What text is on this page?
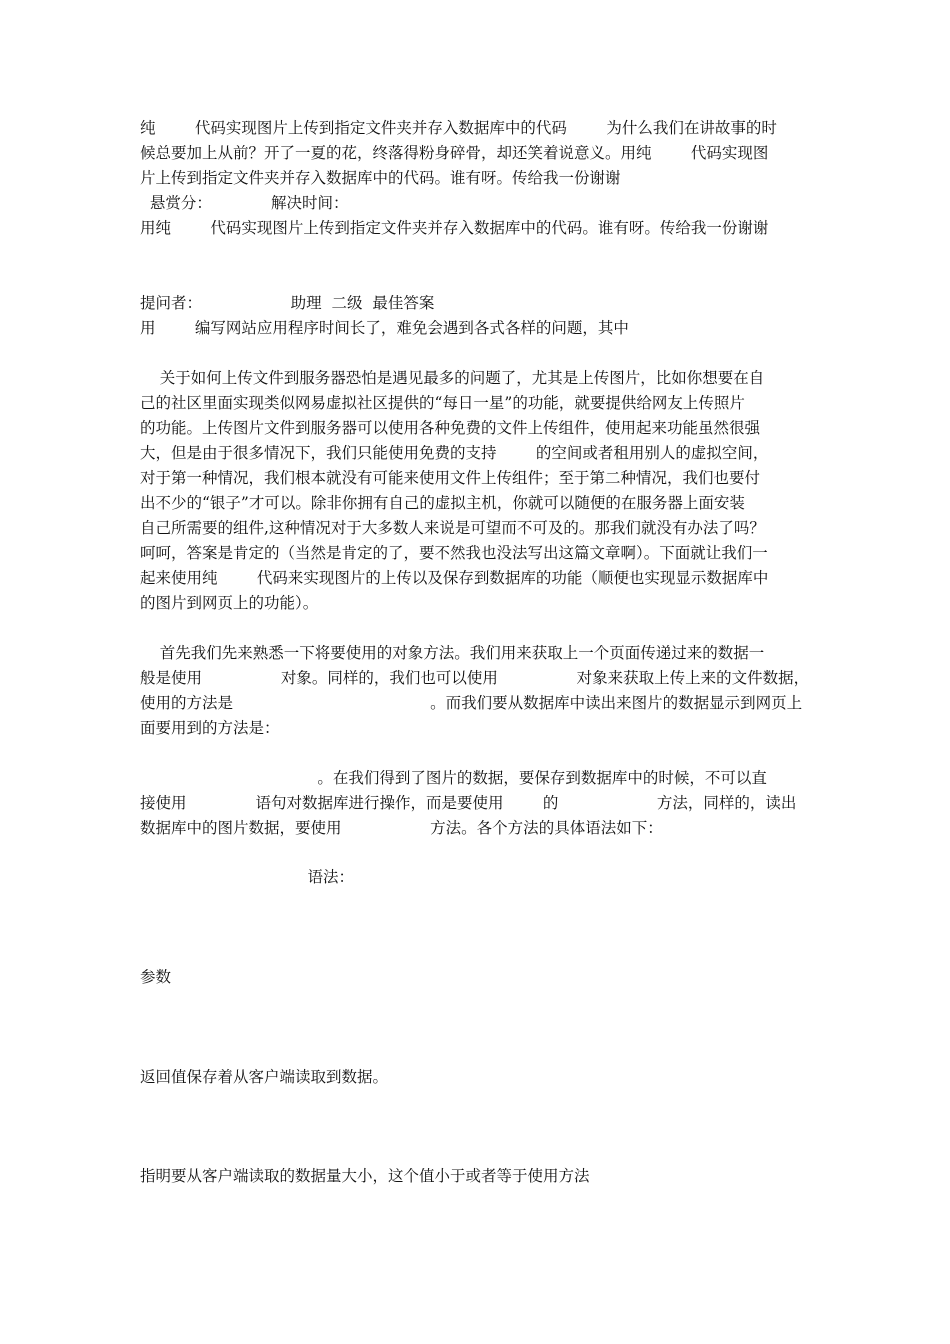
纯        代码实现图片上传到指定文件夹并存入数据库中的代码        为什么我们在讲故事的时

候总要加上从前？开了一夏的花，终落得粉身碎骨，却还笑着说意义。用纯        代码实现图

片上传到指定文件夹并存入数据库中的代码。谁有呀。传给我一份谢谢

悬赏分：            解决时间：

用纯        代码实现图片上传到指定文件夹并存入数据库中的代码。谁有呀。传给我一份谢谢

提问者：                  助理  二级  最佳答案

用        编写网站应用程序时间长了，难免会遇到各式各样的问题，其中

关于如何上传文件到服务器恐怕是遇见最多的问题了，尤其是上传图片，比如你想要在自

己的社区里面实现类似网易虚拟社区提供的“每日一星”的功能，就要提供给网友上传照片

的功能。上传图片文件到服务器可以使用各种免费的文件上传组件，使用起来功能虽然很强

大，但是由于很多情况下，我们只能使用免费的支持        的空间或者租用别人的虚拟空间，

对于第一种情况，我们根本就没有可能来使用文件上传组件；至于第二种情况，我们也要付

出不少的“银子”才可以。除非你拥有自己的虚拟主机，你就可以随便的在服务器上面安装

自己所需要的组件,这种情况对于大多数人来说是可望而不可及的。那我们就没有办法了吗？

呵呵，答案是肯定的（当然是肯定的了，要不然我也没法写出这篇文章啊）。下面就让我们一

起来使用纯        代码来实现图片的上传以及保存到数据库的功能（顺便也实现显示数据库中

的图片到网页上的功能）。

首先我们先来熟悉一下将要使用的对象方法。我们用来获取上一个页面传递过来的数据一

般是使用                对象。同样的，我们也可以使用                对象来获取上传上来的文件数据，

使用的方法是                                        。而我们要从数据库中读出来图片的数据显示到网页上

面要用到的方法是：

。在我们得到了图片的数据，要保存到数据库中的时候，不可以直

接使用              语句对数据库进行操作，而是要使用        的                    方法，同样的，读出

数据库中的图片数据，要使用                  方法。各个方法的具体语法如下：

语法：

参数

返回值保存着从客户端读取到数据。

指明要从客户端读取的数据量大小，这个值小于或者等于使用方法
